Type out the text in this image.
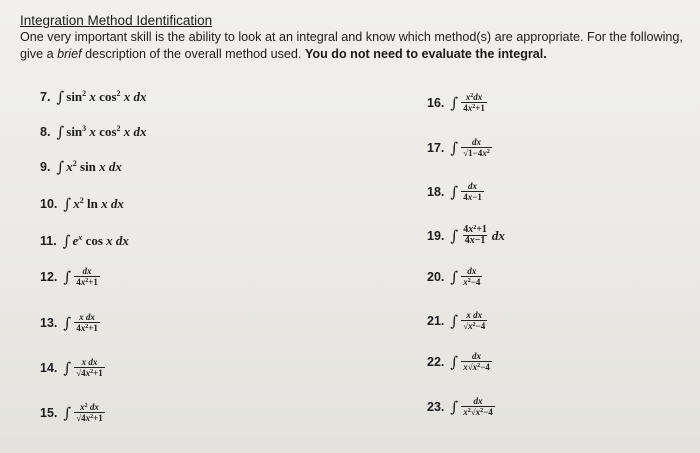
Integration Method Identification
One very important skill is the ability to look at an integral and know which method(s) are appropriate. For the following, give a brief description of the overall method used. You do not need to evaluate the integral.
7. ∫ $\sin^2 x$ $\cos^2 x$ dx
8. ∫ $\sin^3 x$ $\cos^2 x$ dx
9. ∫ $x^2$ sin x dx
10. ∫ $x^2$ ln x dx
11. ∫ $e^x$ cos x dx
12. ∫ $\frac{dx}{4x^2+1}$
13. ∫ $\frac{\text{x dx}}{4x^2+1}$
14. ∫ $\frac{\text{x dx}}{√4x^2+1}$
15. ∫ $\frac{x^2 dx}{√4x^2+1}$
16. ∫ $\frac{x^2dx}{4x^2+1}$
17. ∫ $\frac{dx}{√1-4x^2}$
18. ∫ $\frac{dx}{4x-1}$
19. ∫ $\frac{4x^2+1}{4x-1}$ dx
20. ∫ $\frac{dx}{x^2-4}$
21. ∫ $\frac{\text{x dx}}{√x^2-4}$
22. ∫ $\frac{dx}{x√x^2-4}$
23. ∫ $\frac{dx}{x^2√x^2-4}$
